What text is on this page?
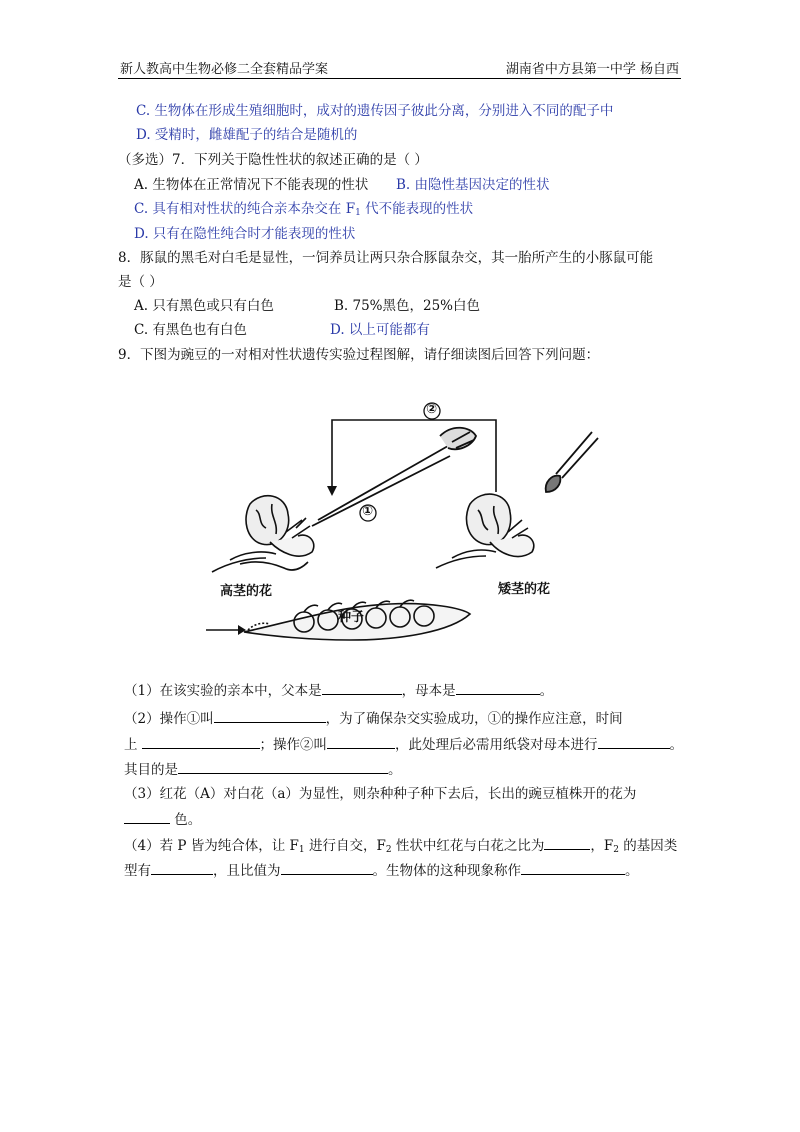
新人教高中生物必修二全套精品学案	湖南省中方县第一中学 杨自西
C. 生物体在形成生殖细胞时，成对的遗传因子彼此分离，分别进入不同的配子中
D. 受精时，雌雄配子的结合是随机的
（多选）7．下列关于隐性性状的叙述正确的是（ ）
A. 生物体在正常情况下不能表现的性状 B. 由隐性基因决定的性状
C. 具有相对性状的纯合亲本杂交在 $F_1$ 代不能表现的性状
D. 只有在隐性纯合时才能表现的性状
8．豚鼠的黑毛对白毛是显性，一饲养员让两只杂合豚鼠杂交，其一胎所产生的小豚鼠可能
是（ ）
A. 只有黑色或只有白色	B. 75%黑色，25%白色
C. 有黑色也有白色	D. 以上可能都有
9．下图为豌豆的一对相对性状遗传实验过程图解，请仔细读图后回答下列问题：
②
①
高茎的花	矮茎的花
种子
（1）在该实验的亲本中，父本是	，母本是	。
（2）操作①叫	，为了确保杂交实验成功，①的操作应注意，时间
上	；操作②叫	，此处理后必需用纸袋对母本进行	。
其目的是	。
（3）红花（A）对白花（a）为显性，则杂种种子种下去后，长出的豌豆植株开的花为
色。
（4）若 P 皆为纯合体，让 $F_1$ 进行自交，$F_2$ 性状中红花与白花之比为	，$F_2$ 的基因类
型有	，且比值为	。生物体的这种现象称作	。
